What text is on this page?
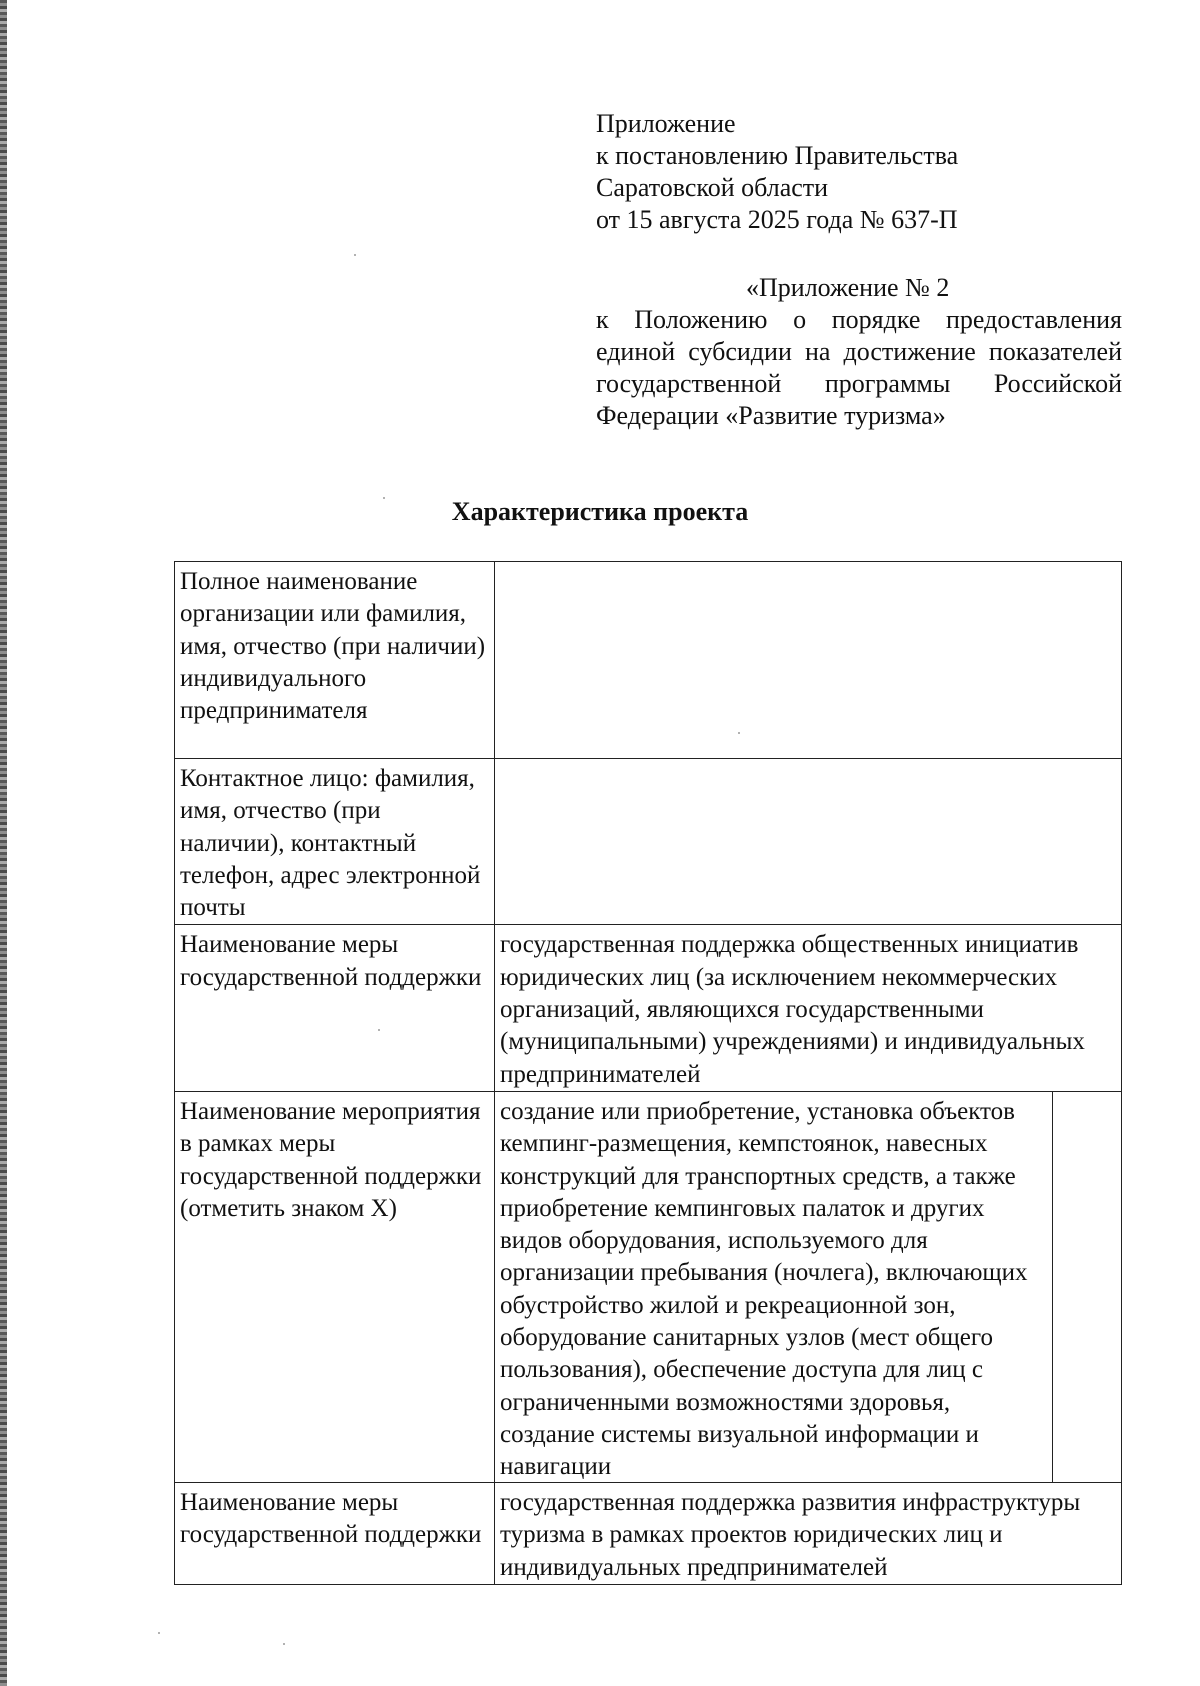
Приложение
к постановлению Правительства
Саратовской области
от 15 августа 2025 года № 637-П
«Приложение № 2
к Положению о порядке предоставления единой субсидии на достижение показателей государственной программы Российской Федерации «Развитие туризма»
Характеристика проекта
Полное наименование организации или фамилия, имя, отчество (при наличии) индивидуального предпринимателя	
Контактное лицо: фамилия, имя, отчество (при наличии), контактный телефон, адрес электронной почты	
Наименование меры государственной поддержки	государственная поддержка общественных инициатив юридических лиц (за исключением некоммерческих организаций, являющихся государственными (муниципальными) учреждениями) и индивидуальных предпринимателей
Наименование мероприятия в рамках меры государственной поддержки (отметить знаком Х)	создание или приобретение, установка объектов кемпинг-размещения, кемпстоянок, навесных конструкций для транспортных средств, а также приобретение кемпинговых палаток и других видов оборудования, используемого для организации пребывания (ночлега), включающих обустройство жилой и рекреационной зон, оборудование санитарных узлов (мест общего пользования), обеспечение доступа для лиц с ограниченными возможностями здоровья, создание системы визуальной информации и навигации

Наименование меры государственной поддержки	государственная поддержка развития инфраструктуры туризма в рамках проектов юридических лиц и индивидуальных предпринимателей
